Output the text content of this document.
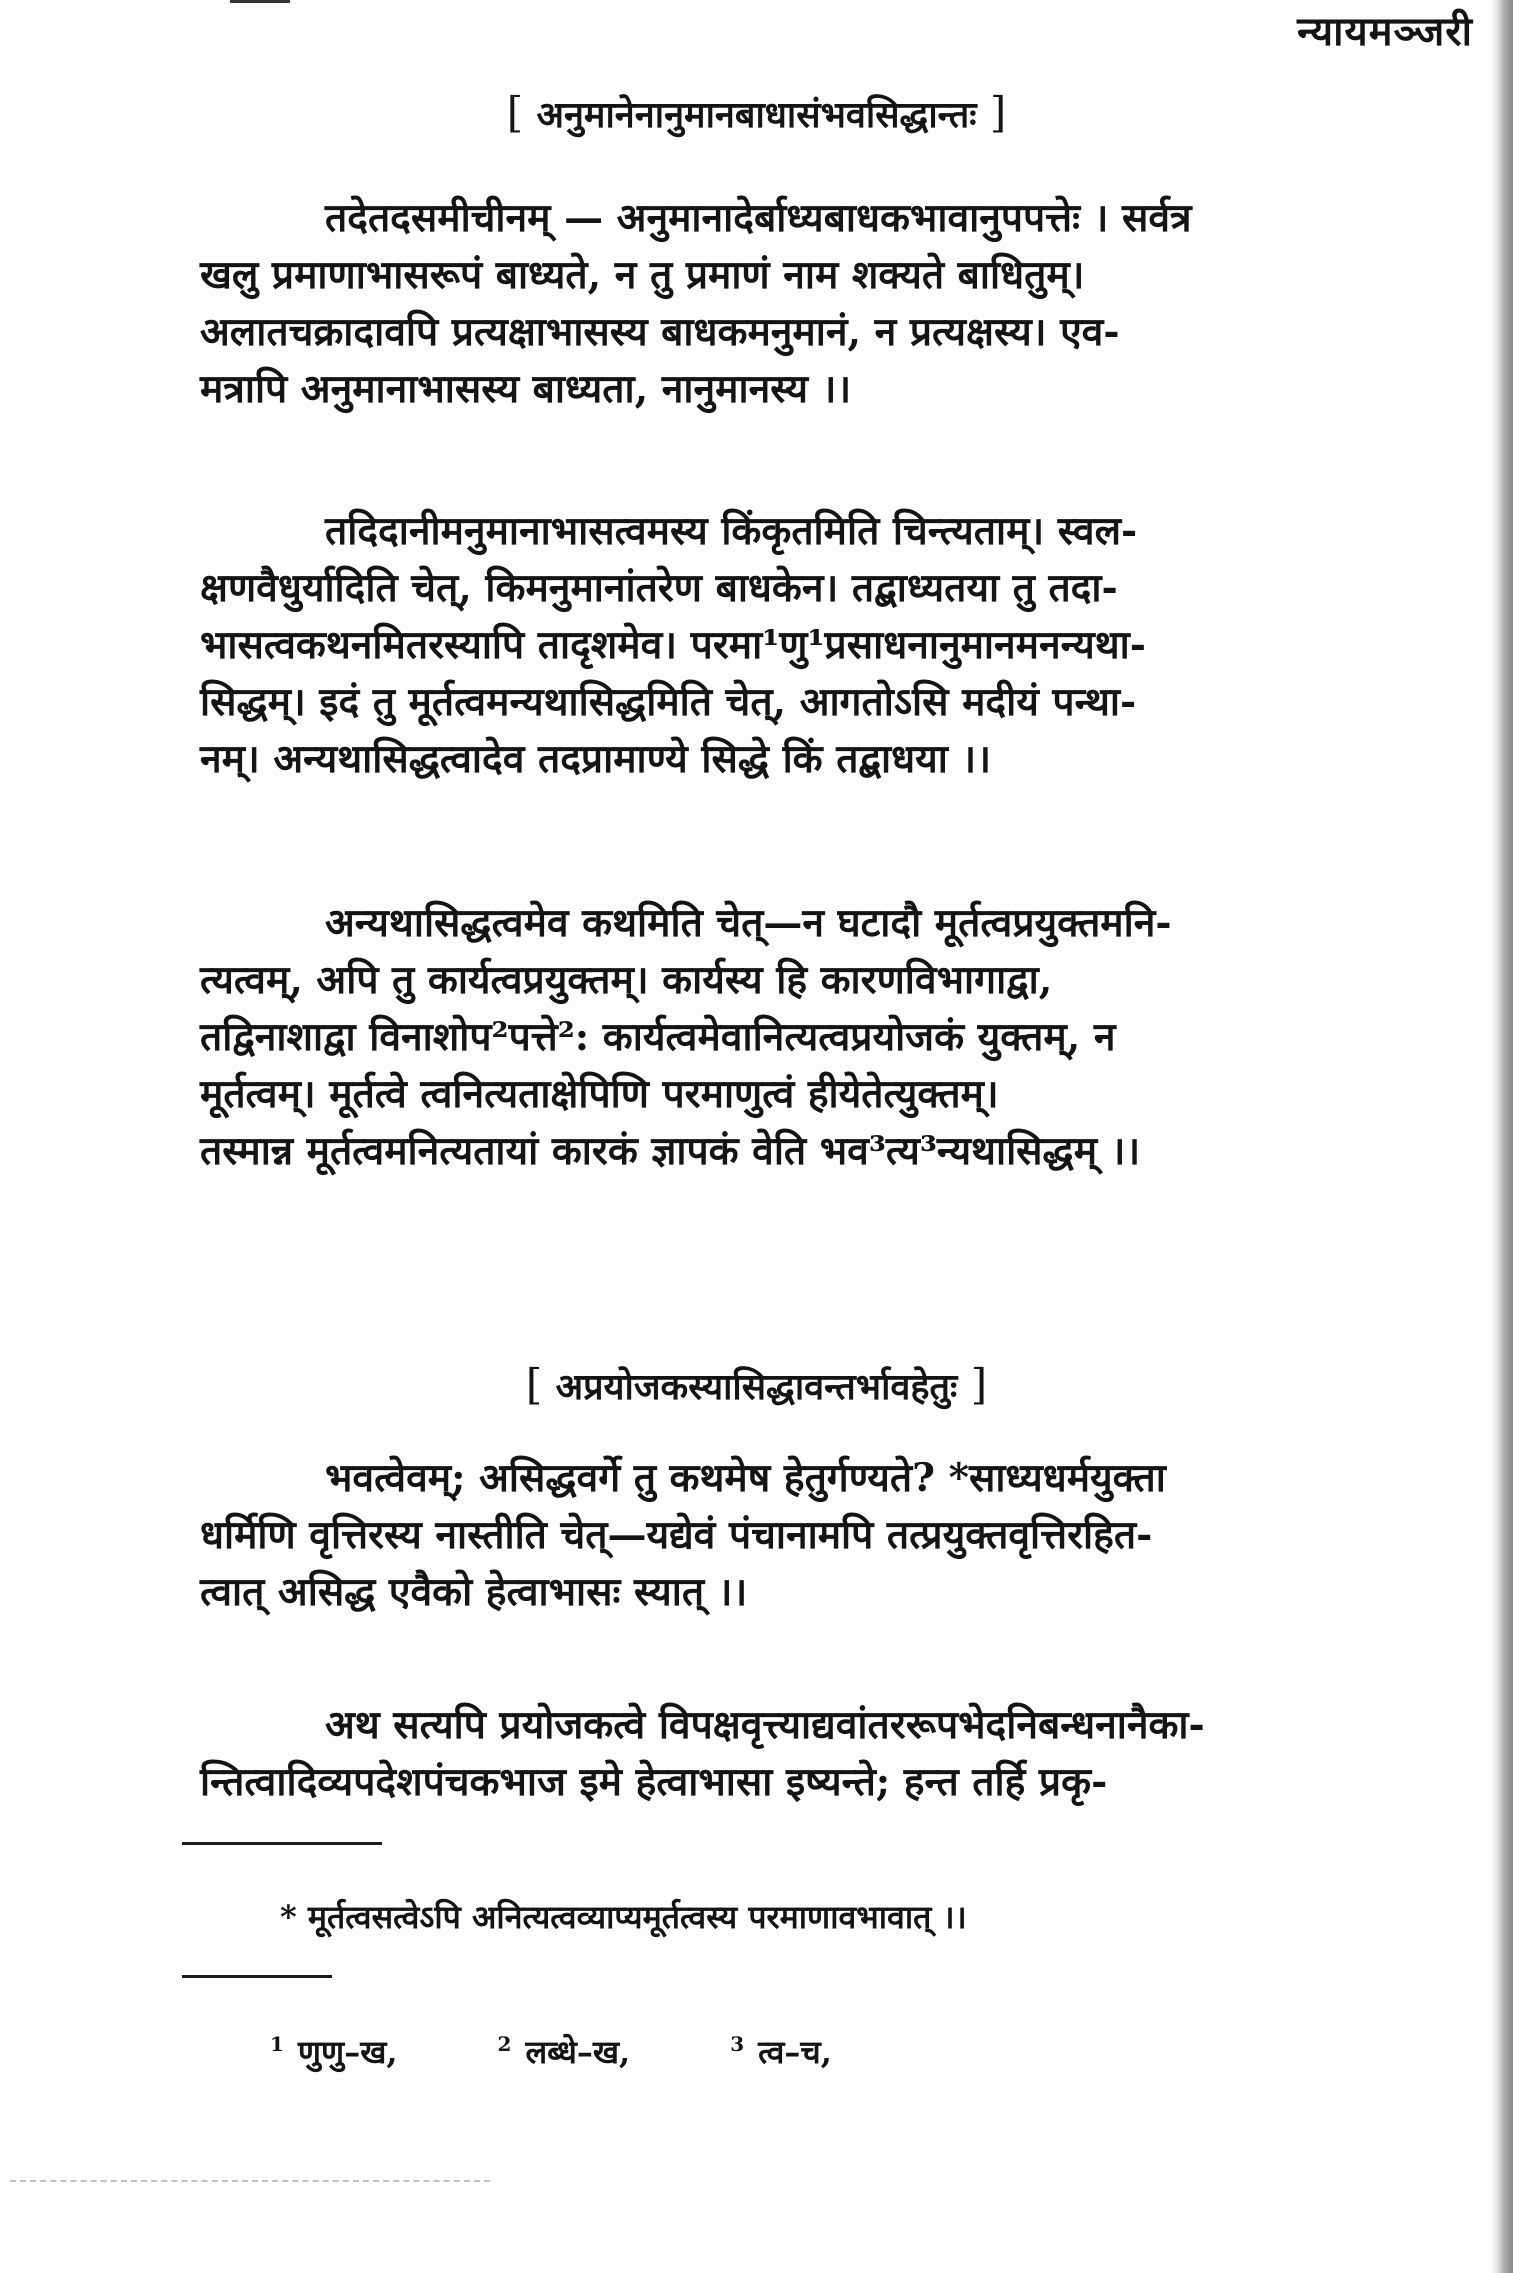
न्यायमञ्जरी
[ अनुमानेनानुमानबाधासंभवसिद्धान्तः ]
तदेतदसमीचीनम् — अनुमानादेर्बाध्यबाधकभावानुपपत्तेः । सर्वत्र
खलु प्रमाणाभासरूपं बाध्यते, न तु प्रमाणं नाम शक्यते बाधितुम्।
अलातचक्रादावपि प्रत्यक्षाभासस्य बाधकमनुमानं, न प्रत्यक्षस्य। एव-
मत्रापि अनुमानाभासस्य बाध्यता, नानुमानस्य ।।
तदिदानीमनुमानाभासत्वमस्य किंकृतमिति चिन्त्यताम्। स्वल-
क्षणवैधुर्यादिति चेत्, किमनुमानांतरेण बाधकेन। तद्बाध्यतया तु तदा-
भासत्वकथनमितरस्यापि तादृशमेव। परमा¹णु¹प्रसाधनानुमानमनन्यथा-
सिद्धम्। इदं तु मूर्तत्वमन्यथासिद्धमिति चेत्, आगतोऽसि मदीयं पन्था-
नम्। अन्यथासिद्धत्वादेव तदप्रामाण्ये सिद्धे किं तद्बाधया ।।
अन्यथासिद्धत्वमेव कथमिति चेत्—न घटादौ मूर्तत्वप्रयुक्तमनि-
त्यत्वम्, अपि तु कार्यत्वप्रयुक्तम्। कार्यस्य हि कारणविभागाद्वा,
तद्विनाशाद्वा विनाशोप²पत्ते²: कार्यत्वमेवानित्यत्वप्रयोजकं युक्तम्, न
मूर्तत्वम्। मूर्तत्वे त्वनित्यताक्षेपिणि परमाणुत्वं हीयेतेत्युक्तम्।
तस्मान्न मूर्तत्वमनित्यतायां कारकं ज्ञापकं वेति भव³त्य³न्यथासिद्धम् ।।
[ अप्रयोजकस्यासिद्धावन्तर्भावहेतुः ]
भवत्वेवम्; असिद्धवर्गे तु कथमेष हेतुर्गण्यते? *साध्यधर्मयुक्ता
धर्मिणि वृत्तिरस्य नास्तीति चेत्—यद्येवं पंचानामपि तत्प्रयुक्तवृत्तिरहित-
त्वात् असिद्ध एवैको हेत्वाभासः स्यात् ।।
अथ सत्यपि प्रयोजकत्वे विपक्षवृत्त्याद्यवांतररूपभेदनिबन्धनानैका-
न्तित्वादिव्यपदेशपंचकभाज इमे हेत्वाभासा इष्यन्ते; हन्त तर्हि प्रकृ-
* मूर्तत्वसत्वेऽपि अनित्यत्वव्याप्यमूर्तत्वस्य परमाणावभावात् ।।
$^1$ णुणु–ख,	$^2$ लब्धे–ख,	$^3$ त्व–च,
